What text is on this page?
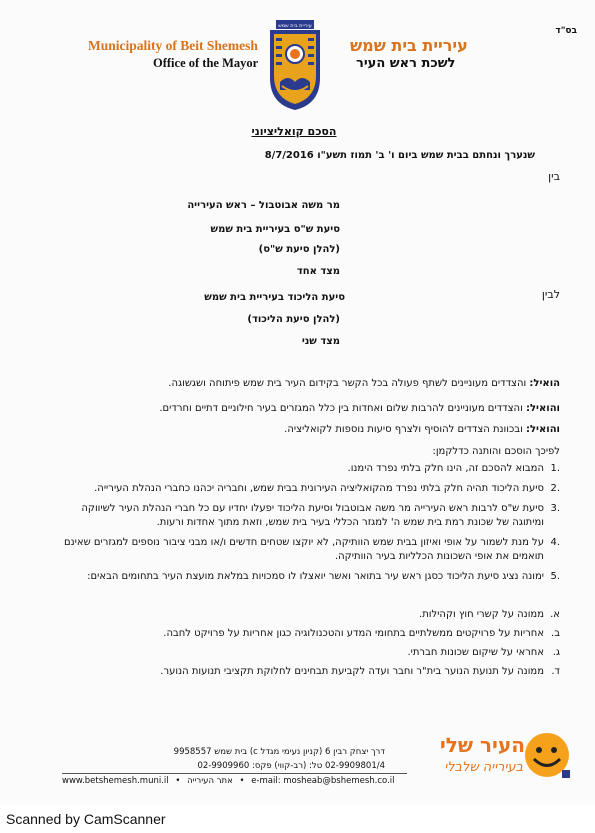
בס"ד
Municipality of Beit Shemesh
Office of the Mayor
עיריית בית שמש
עיריית בית שמש
לשכת ראש העיר
הסכם קואליציוני
שנערך ונחתם בבית שמש ביום ו' ב' תמוז תשע"ו 8/7/2016
בין
מר משה אבוטבול – ראש העירייה
סיעת ש"ס בעיריית בית שמש
(להלן סיעת ש"ס)
מצד אחד
לבין
סיעת הליכוד בעיריית בית שמש
(להלן סיעת הליכוד)
מצד שני
הואיל: והצדדים מעוניינים לשתף פעולה בכל הקשר בקידום העיר בית שמש פיתוחה ושגשוגה.
והואיל: והצדדים מעוניינים להרבות שלום ואחדות בין כלל המגזרים בעיר חילוניים דתיים וחרדים.
והואיל: ובכוונת הצדדים להוסיף ולצרף סיעות נוספות לקואליציה.
לפיכך הוסכם והותנה כדלקמן:
.1
המבוא להסכם זה, הינו חלק בלתי נפרד הימנו.
.2
סיעת הליכוד תהיה חלק בלתי נפרד מהקואליציה העירונית בבית שמש, וחבריה יכהנו כחברי הנהלת העירייה.
.3
סיעת ש"ס לרבות ראש העירייה מר משה אבוטבול וסיעת הליכוד יפעלו יחדיו עם כל חברי הנהלת העיר לשיווקה ומיתוגה של שכונת רמת בית שמש ה' למגזר הכללי בעיר בית שמש, וזאת מתוך אחדות ורעות.
.4
על מנת לשמור על אופי ואיזון בבית שמש הוותיקה, לא יוקצו שטחים חדשים ו/או מבני ציבור נוספים למגזרים שאינם תואמים את אופי השכונות הכלליות בעיר הוותיקה.
.5
ימונה נציג סיעת הליכוד כסגן ראש עיר בתואר ואשר יואצלו לו סמכויות במלאת מועצת העיר בתחומים הבאים:
א.
ממונה על קשרי חוץ וקהילות.
ב.
אחריות על פרויקטים ממשלתיים בתחומי המדע והטכנולוגיה כגון אחריות על פרויקט לחבה.
ג.
אחראי על שיקום שכונות חברתי.
ד.
ממונה על תנועת הנוער בית"ר וחבר ועדה לקביעת תבחינים לחלוקת תקציבי תנועות הנוער.
דרך יצחק רבין 6 (קניון נעימי מגדל c) בית שמש 9958557
02-9909801/4 טל: (רב-קווי) פקס: 02-9909960
www.betshemesh.muni.il • אתר העירייה • e-mail: mosheab@bshemesh.co.il
העיר שלי
בעירייה שלבלי
Scanned by CamScanner
